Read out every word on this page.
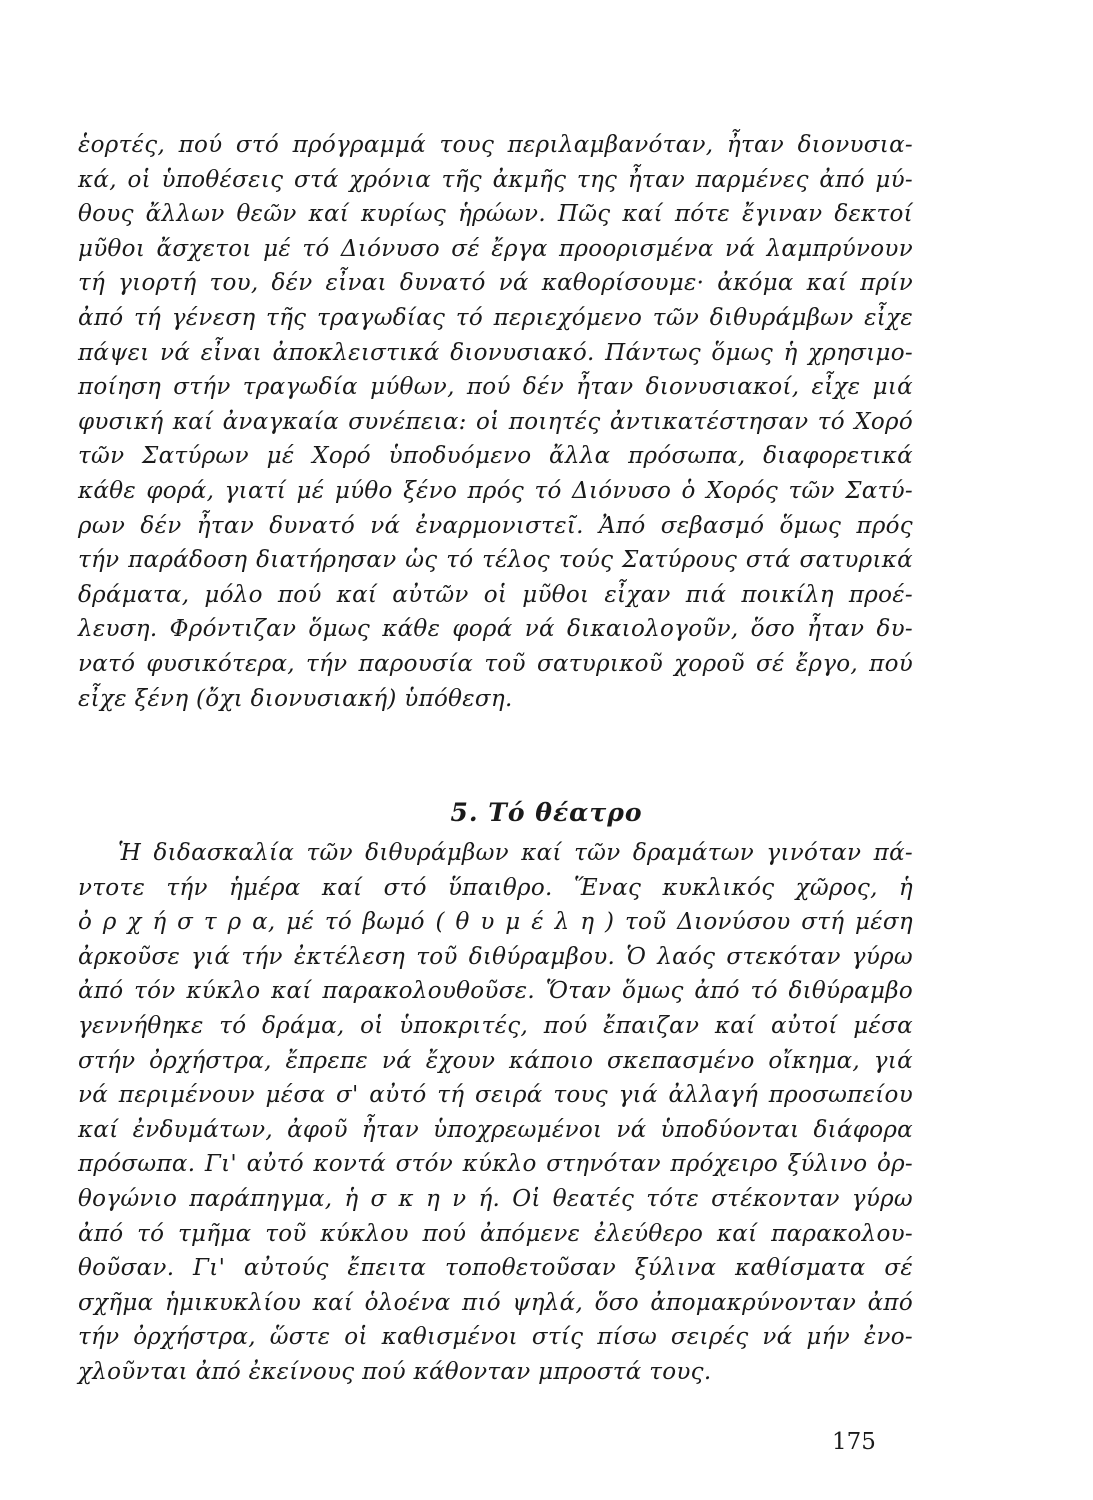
ἑορτές, πού στό πρόγραμμά τους περιλαμβανόταν, ἦταν διονυσια-
κά, οἱ ὑποθέσεις στά χρόνια τῆς ἀκμῆς της ἦταν παρμένες ἀπό μύ-
θους ἄλλων θεῶν καί κυρίως ἡρώων. Πῶς καί πότε ἔγιναν δεκτοί
μῦθοι ἄσχετοι μέ τό Διόνυσο σέ ἔργα προορισμένα νά λαμπρύνουν
τή γιορτή του, δέν εἶναι δυνατό νά καθορίσουμε· ἀκόμα καί πρίν
ἀπό τή γένεση τῆς τραγωδίας τό περιεχόμενο τῶν διθυράμβων εἶχε
πάψει νά εἶναι ἀποκλειστικά διονυσιακό. Πάντως ὅμως ἡ χρησιμο-
ποίηση στήν τραγωδία μύθων, πού δέν ἦταν διονυσιακοί, εἶχε μιά
φυσική καί ἀναγκαία συνέπεια: οἱ ποιητές ἀντικατέστησαν τό Χορό
τῶν Σατύρων μέ Χορό ὑποδυόμενο ἄλλα πρόσωπα, διαφορετικά
κάθε φορά, γιατί μέ μύθο ξένο πρός τό Διόνυσο ὁ Χορός τῶν Σατύ-
ρων δέν ἦταν δυνατό νά ἐναρμονιστεῖ. Ἀπό σεβασμό ὅμως πρός
τήν παράδοση διατήρησαν ὡς τό τέλος τούς Σατύρους στά σατυρικά
δράματα, μόλο πού καί αὐτῶν οἱ μῦθοι εἶχαν πιά ποικίλη προέ-
λευση. Φρόντιζαν ὅμως κάθε φορά νά δικαιολογοῦν, ὅσο ἦταν δυ-
νατό φυσικότερα, τήν παρουσία τοῦ σατυρικοῦ χοροῦ σέ ἔργο, πού
εἶχε ξένη (ὄχι διονυσιακή) ὑπόθεση.
5. Τό θέατρο
Ἡ διδασκαλία τῶν διθυράμβων καί τῶν δραμάτων γινόταν πά-
ντοτε τήν ἡμέρα καί στό ὕπαιθρο. Ἕνας κυκλικός χῶρος, ἡ
ὀ ρ χ ή σ τ ρ α, μέ τό βωμό ( θ υ μ έ λ η ) τοῦ Διονύσου στή μέση
ἀρκοῦσε γιά τήν ἐκτέλεση τοῦ διθύραμβου. Ὁ λαός στεκόταν γύρω
ἀπό τόν κύκλο καί παρακολουθοῦσε. Ὅταν ὅμως ἀπό τό διθύραμβο
γεννήθηκε τό δράμα, οἱ ὑποκριτές, πού ἔπαιζαν καί αὐτοί μέσα
στήν ὀρχήστρα, ἔπρεπε νά ἔχουν κάποιο σκεπασμένο οἴκημα, γιά
νά περιμένουν μέσα σ' αὐτό τή σειρά τους γιά ἀλλαγή προσωπείου
καί ἐνδυμάτων, ἀφοῦ ἦταν ὑποχρεωμένοι νά ὑποδύονται διάφορα
πρόσωπα. Γι' αὐτό κοντά στόν κύκλο στηνόταν πρόχειρο ξύλινο ὀρ-
θογώνιο παράπηγμα, ἡ σ κ η ν ή. Οἱ θεατές τότε στέκονταν γύρω
ἀπό τό τμῆμα τοῦ κύκλου πού ἀπόμενε ἐλεύθερο καί παρακολου-
θοῦσαν. Γι' αὐτούς ἔπειτα τοποθετοῦσαν ξύλινα καθίσματα σέ
σχῆμα ἡμικυκλίου καί ὁλοένα πιό ψηλά, ὅσο ἀπομακρύνονταν ἀπό
τήν ὀρχήστρα, ὥστε οἱ καθισμένοι στίς πίσω σειρές νά μήν ἐνο-
χλοῦνται ἀπό ἐκείνους πού κάθονταν μπροστά τους.
175
